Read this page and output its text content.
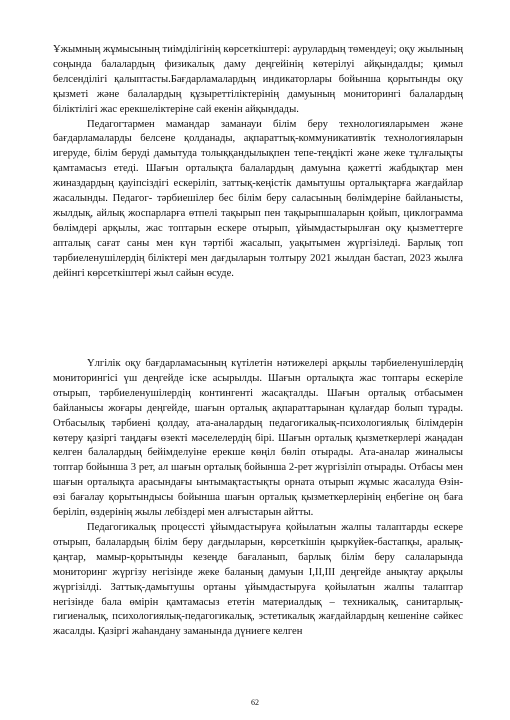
Ұжымның жұмысының тиімділігінің көрсеткіштері: аурулардың төмендеуі; оқу жылының соңында балалардың физикалық даму деңгейінің көтерілуі айқындалды; қимыл белсенділігі қалыптасты.Бағдарламалардың индикаторлары бойынша қорытынды оқу қызметі және балалардың құзыреттіліктерінің дамуының мониторингі балалардың біліктілігі жас ерекшеліктеріне сай екенін айқындады.

Педагогтармен мамандар заманауи білім беру технологияларымен және бағдарламаларды белсене қолданады, ақпараттық-коммуникативтік технологияларын игеруде, білім беруді дамытуда толыққандылықпен тепе-теңдікті және жеке тұлғалықты қамтамасыз етеді. Шағын орталықта балалардың дамуына қажетті жабдықтар мен жиназдардың қауіпсіздігі ескеріліп, заттық-кеңістік дамытушы орталықтарға жағдайлар жасалынды. Педагог- тәрбиешілер бес білім беру саласының бөлімдеріне байланысты, жылдық, айлық жоспарларға өтпелі тақырып пен тақырыпшаларын қойып, циклограмма бөлімдері арқылы, жас топтарын ескере отырып, ұйымдастырылған оқу қызметтерге апталық сағат саны мен күн тәртібі жасалып, уақытымен жүргізіледі. Барлық топ тәрбиеленушілердің біліктері мен дағдыларын толтыру 2021 жылдан бастап, 2023 жылға дейінгі көрсеткіштері жыл сайын өсуде.

Үлгілік оқу бағдарламасының күтілетін нәтижелері арқылы тәрбиеленушілердің мониторингісі үш деңгейде іске асырылды. Шағын орталықта жас топтары ескеріле отырып, тәрбиеленушілердің контингенті жасақталды. Шағын орталық отбасымен байланысы жоғары деңгейде, шағын орталық ақпараттарынан құлағдар болып тұрады. Отбасылық тәрбиені қолдау, ата-аналардың педагогикалық-психологиялық білімдерін көтеру қазіргі таңдағы өзекті мәселелердің бірі. Шағын орталық қызметкерлері жаңадан келген балалардың бейімделуіне ерекше көңіл бөліп отырады. Ата-аналар жиналысы топтар бойынша 3 рет, ал шағын орталық бойынша 2-рет жүргізіліп отырады. Отбасы мен шағын орталықта арасындағы ынтымақтастықты орната отырып жұмыс жасалуда Өзін-өзі бағалау қорытындысы бойынша шағын орталық қызметкерлерінің еңбегіне оң баға беріліп, өздерінің жылы лебіздері мен алғыстарын айтты.

Педагогикалық процессті ұйымдастыруға қойылатын жалпы талаптарды ескере отырып, балалардың білім беру дағдыларын, көрсеткішін қыркүйек-бастапқы, аралық-қаңтар, мамыр-қорытынды кезеңде бағаланып, барлық білім беру салаларында мониторинг жүргізу негізінде жеке баланың дамуын І,ІІ,ІІІ деңгейде анықтау арқылы жүргізілді. Заттық-дамытушы ортаны ұйымдастыруға қойылатын жалпы талаптар негізінде бала өмірін қамтамасыз ететін материалдық – техникалық, санитарлық-гигиеналық, психологиялық-педагогикалық, эстетикалық жағдайлардың кешеніне сәйкес жасалды. Қазіргі жаһандану заманында дүниеге келген

62
